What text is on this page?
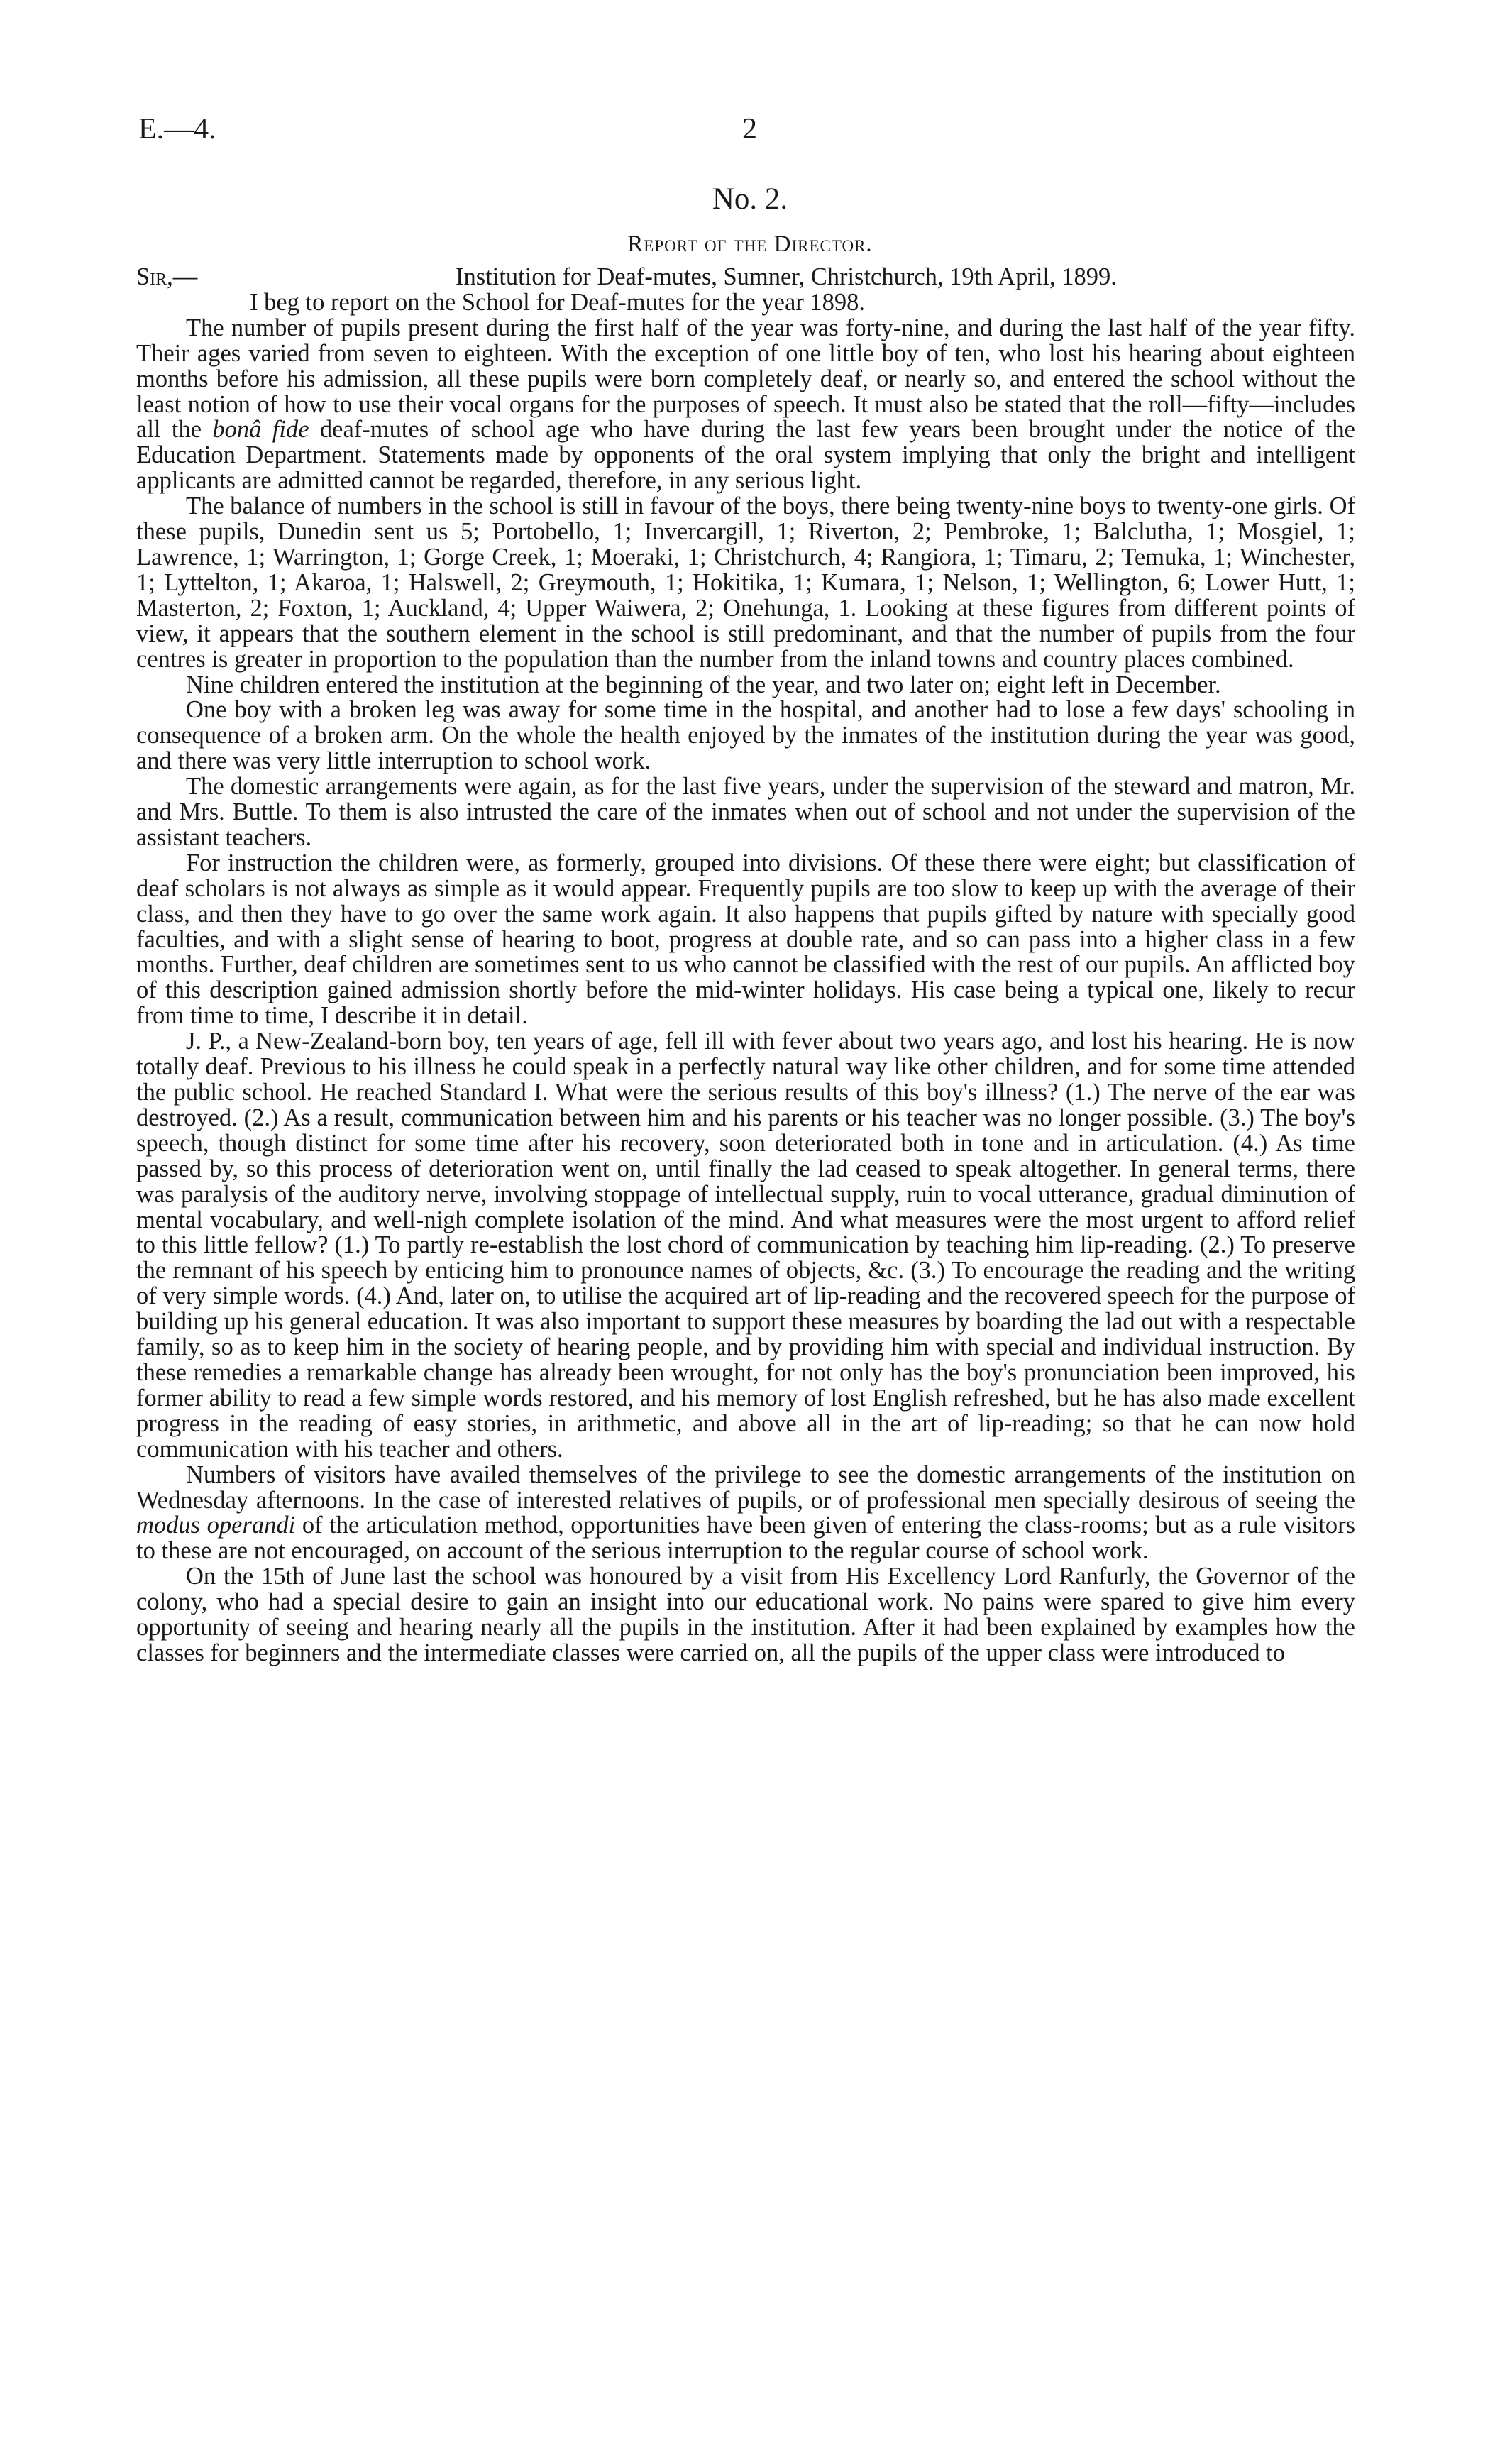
E.—4.	2
No. 2.
Report of the Director.

Sir,—	Institution for Deaf-mutes, Sumner, Christchurch, 19th April, 1899.

I beg to report on the School for Deaf-mutes for the year 1898.

The number of pupils present during the first half of the year was forty-nine, and during the last half of the year fifty. Their ages varied from seven to eighteen. With the exception of one little boy of ten, who lost his hearing about eighteen months before his admission, all these pupils were born completely deaf, or nearly so, and entered the school without the least notion of how to use their vocal organs for the purposes of speech. It must also be stated that the roll—fifty—includes all the bonâ fide deaf-mutes of school age who have during the last few years been brought under the notice of the Education Department. Statements made by opponents of the oral system implying that only the bright and intelligent applicants are admitted cannot be regarded, therefore, in any serious light.

The balance of numbers in the school is still in favour of the boys, there being twenty-nine boys to twenty-one girls. Of these pupils, Dunedin sent us 5; Portobello, 1; Invercargill, 1; Riverton, 2; Pembroke, 1; Balclutha, 1; Mosgiel, 1; Lawrence, 1; Warrington, 1; Gorge Creek, 1; Moeraki, 1; Christchurch, 4; Rangiora, 1; Timaru, 2; Temuka, 1; Winchester, 1; Lyttelton, 1; Akaroa, 1; Halswell, 2; Greymouth, 1; Hokitika, 1; Kumara, 1; Nelson, 1; Wellington, 6; Lower Hutt, 1; Masterton, 2; Foxton, 1; Auckland, 4; Upper Waiwera, 2; Onehunga, 1. Looking at these figures from different points of view, it appears that the southern element in the school is still predominant, and that the number of pupils from the four centres is greater in proportion to the population than the number from the inland towns and country places combined.

Nine children entered the institution at the beginning of the year, and two later on; eight left in December.

One boy with a broken leg was away for some time in the hospital, and another had to lose a few days' schooling in consequence of a broken arm. On the whole the health enjoyed by the inmates of the institution during the year was good, and there was very little interruption to school work.

The domestic arrangements were again, as for the last five years, under the supervision of the steward and matron, Mr. and Mrs. Buttle. To them is also intrusted the care of the inmates when out of school and not under the supervision of the assistant teachers.

For instruction the children were, as formerly, grouped into divisions. Of these there were eight; but classification of deaf scholars is not always as simple as it would appear. Frequently pupils are too slow to keep up with the average of their class, and then they have to go over the same work again. It also happens that pupils gifted by nature with specially good faculties, and with a slight sense of hearing to boot, progress at double rate, and so can pass into a higher class in a few months. Further, deaf children are sometimes sent to us who cannot be classified with the rest of our pupils. An afflicted boy of this description gained admission shortly before the mid-winter holidays. His case being a typical one, likely to recur from time to time, I describe it in detail.

J. P., a New-Zealand-born boy, ten years of age, fell ill with fever about two years ago, and lost his hearing. He is now totally deaf. Previous to his illness he could speak in a perfectly natural way like other children, and for some time attended the public school. He reached Standard I. What were the serious results of this boy's illness? (1.) The nerve of the ear was destroyed. (2.) As a result, communication between him and his parents or his teacher was no longer possible. (3.) The boy's speech, though distinct for some time after his recovery, soon deteriorated both in tone and in articulation. (4.) As time passed by, so this process of deterioration went on, until finally the lad ceased to speak altogether. In general terms, there was paralysis of the auditory nerve, involving stoppage of intellectual supply, ruin to vocal utterance, gradual diminution of mental vocabulary, and well-nigh complete isolation of the mind. And what measures were the most urgent to afford relief to this little fellow? (1.) To partly re-establish the lost chord of communication by teaching him lip-reading. (2.) To preserve the remnant of his speech by enticing him to pronounce names of objects, &c. (3.) To encourage the reading and the writing of very simple words. (4.) And, later on, to utilise the acquired art of lip-reading and the recovered speech for the purpose of building up his general education. It was also important to support these measures by boarding the lad out with a respectable family, so as to keep him in the society of hearing people, and by providing him with special and individual instruction. By these remedies a remarkable change has already been wrought, for not only has the boy's pronunciation been improved, his former ability to read a few simple words restored, and his memory of lost English refreshed, but he has also made excellent progress in the reading of easy stories, in arithmetic, and above all in the art of lip-reading; so that he can now hold communication with his teacher and others.

Numbers of visitors have availed themselves of the privilege to see the domestic arrangements of the institution on Wednesday afternoons. In the case of interested relatives of pupils, or of professional men specially desirous of seeing the modus operandi of the articulation method, opportunities have been given of entering the class-rooms; but as a rule visitors to these are not encouraged, on account of the serious interruption to the regular course of school work.

On the 15th of June last the school was honoured by a visit from His Excellency Lord Ranfurly, the Governor of the colony, who had a special desire to gain an insight into our educational work. No pains were spared to give him every opportunity of seeing and hearing nearly all the pupils in the institution. After it had been explained by examples how the classes for beginners and the intermediate classes were carried on, all the pupils of the upper class were introduced to
